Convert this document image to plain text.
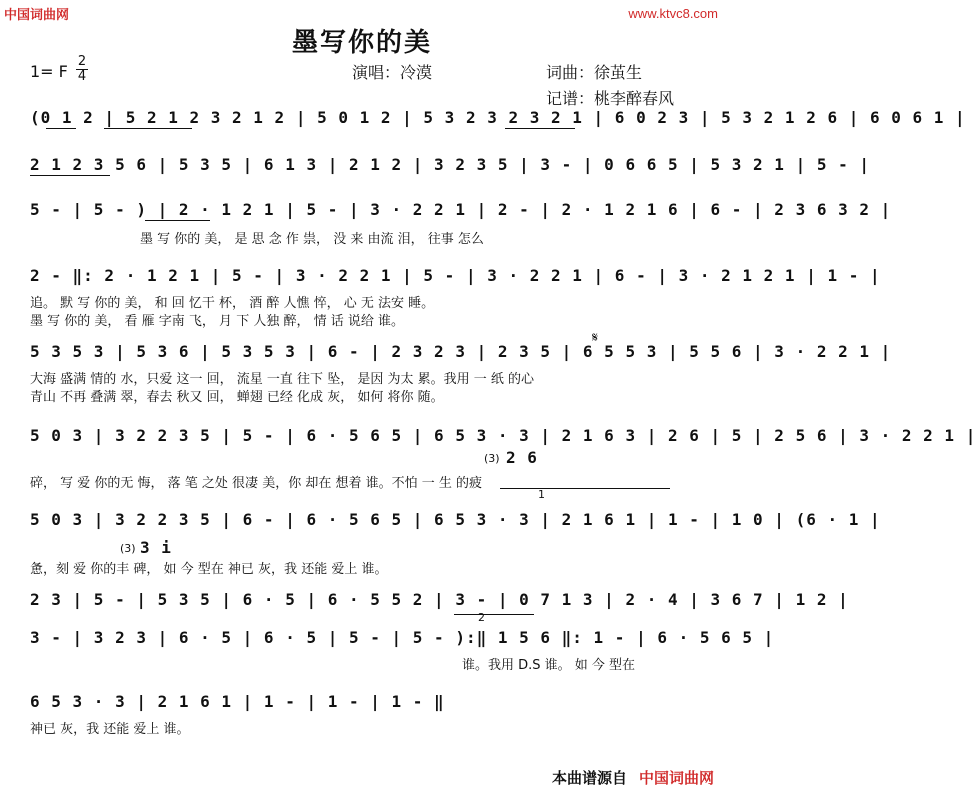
中国词曲网	www.ktvc8.com
墨写你的美
1= F
2
4	演唱：冷漠	词曲：徐茧生
记谱：桃李醉春风
(0 1 2 | 5 2 1 2 3 2 1 2 | 5 0 1 2 | 5 3 2 3 2 3 2 1 | 6 0 2 3 | 5 3 2 1 2 6 | 6 0 6 1 |
2 1 2 3 5 6 | 5 3 5 | 6 1 3 | 2 1 2 | 3 2 3 5 | 3 - | 0 6 6 5 | 5 3 2 1 | 5 - |
5 - | 5 - ) | 2 · 1 2 1 | 5 - | 3 · 2 2 1 | 2 - | 2 · 1 2 1 6 | 6 - | 2 3 6 3 2 |
墨 写 你的 美， 是 思 念 作 祟， 没 来 由流 泪， 往事 怎么
2 - ‖: 2 · 1 2 1 | 5 - | 3 · 2 2 1 | 5 - | 3 · 2 2 1 | 6 - | 3 · 2 1 2 1 | 1 - |
追。 默 写 你的 美， 和 回 忆干 杯， 酒 醉 人憔 悴， 心 无 法安 睡。
墨 写 你的 美， 看 雁 字南 飞， 月 下 人独 醉， 情 话 说给 谁。
5 3 5 3 | 5 3 6 | 5 3 5 3 | 6 - | 2 3 2 3 | 2 3 5 | 6 5 5 3 | 5 5 6 | 3 · 2 2 1 |
大海 盛满 情的 水，只爱 这一 回， 流星 一直 往下 坠， 是因 为太 累。我用 一 纸 的心
青山 不再 叠满 翠，春去 秋又 回， 蝉翅 已经 化成 灰， 如何 将你 随。
𝄋
5 0 3 | 3 2 2 3 5 | 5 - | 6 · 5 6 5 | 6 5 3 · 3 | 2 1 6 3 | 2 6 | 5 | 2 5 6 | 3 · 2 2 1 |
(3) 2 6
碎， 写 爱 你的无 悔， 落 笔 之处 很凄 美，你 却在 想着 谁。不怕 一 生 的疲
1
5 0 3 | 3 2 2 3 5 | 6 - | 6 · 5 6 5 | 6 5 3 · 3 | 2 1 6 1 | 1 - | 1 0 | (6 · 1 |
(3) 3 i
惫，刻 爱 你的丰 碑， 如 今 型在 神已 灰，我 还能 爱上 谁。
2 3 | 5 - | 5 3 5 | 6 · 5 | 6 · 5 5 2 | 3 - | 0 7 1 3 | 2 · 4 | 3 6 7 | 1 2 |
2
3 - | 3 2 3 | 6 · 5 | 6 · 5 | 5 - | 5 - ):‖ 1 5 6 ‖: 1 - | 6 · 5 6 5 |
谁。我用 D.S 谁。 如 今 型在
6 5 3 · 3 | 2 1 6 1 | 1 - | 1 - | 1 - ‖
神已 灰，我 还能 爱上 谁。
本曲谱源自 中国词曲网
